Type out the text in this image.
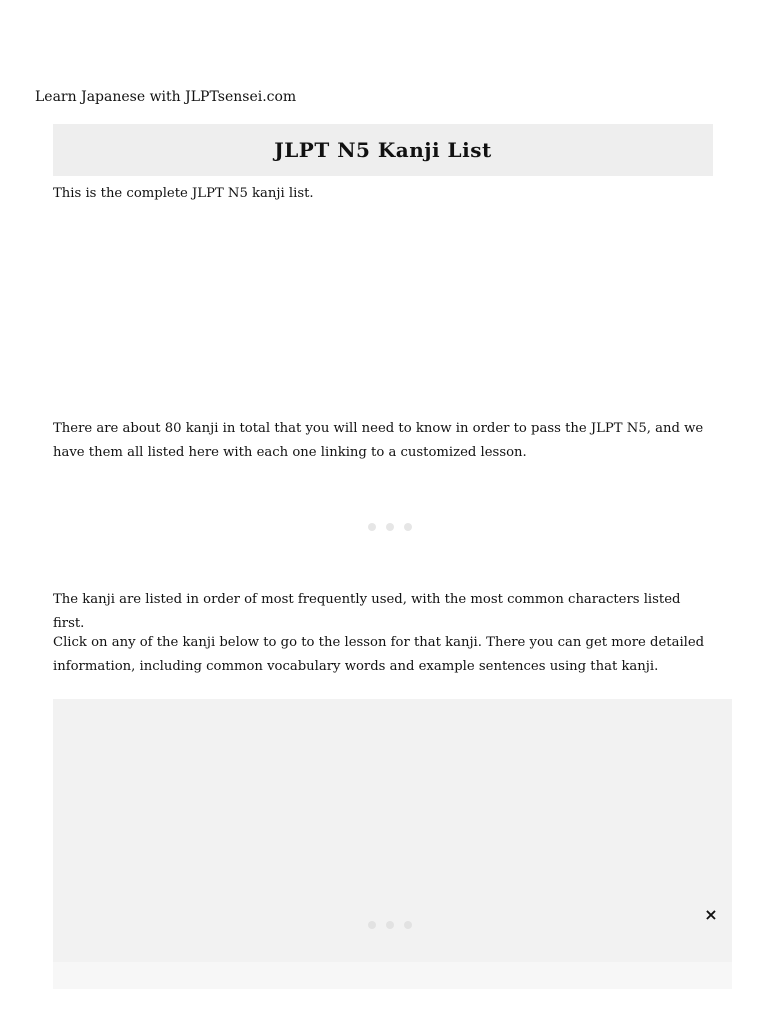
Learn Japanese with JLPTsensei.com
JLPT N5 Kanji List

This is the complete JLPT N5 kanji list.

There are about 80 kanji in total that you will need to know in order to pass the JLPT N5, and we have them all listed here with each one linking to a customized lesson.

The kanji are listed in order of most frequently used, with the most common characters listed first.

Click on any of the kanji below to go to the lesson for that kanji. There you can get more detailed information, including common vocabulary words and example sentences using that kanji.

×
